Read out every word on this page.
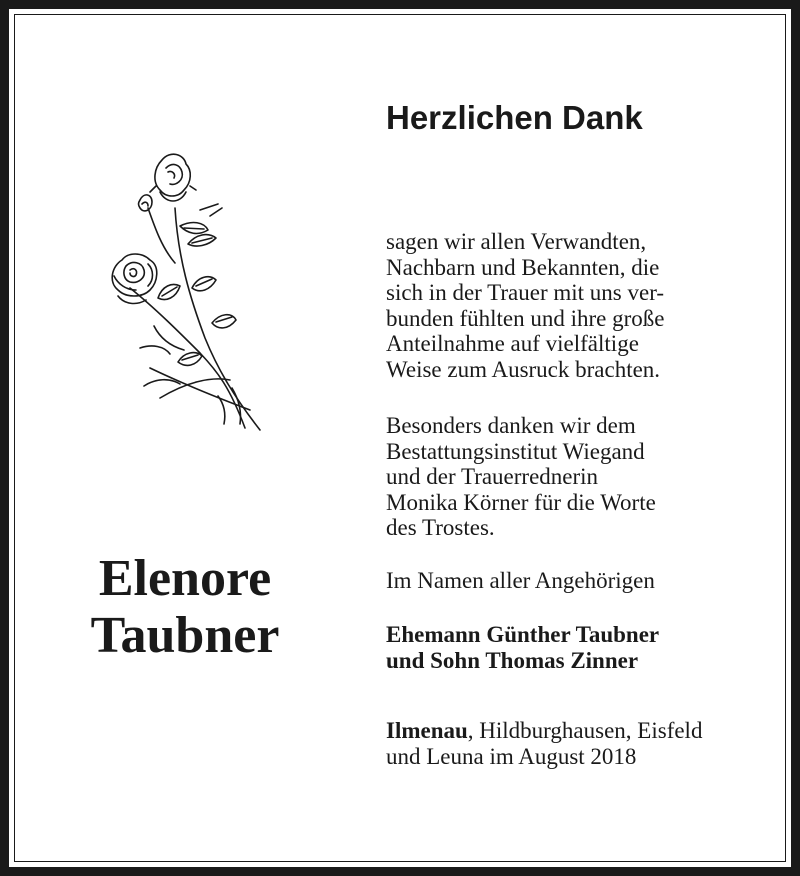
Herzlichen Dank

sagen wir allen Verwandten,
Nachbarn und Bekannten, die
sich in der Trauer mit uns ver-
bunden fühlten und ihre große
Anteilnahme auf vielfältige
Weise zum Ausruck brachten.

Besonders danken wir dem
Bestattungsinstitut Wiegand
und der Trauerrednerin
Monika Körner für die Worte
des Trostes.

Im Namen aller Angehörigen

Ehemann Günther Taubner
und Sohn Thomas Zinner

Ilmenau, Hildburghausen, Eisfeld
und Leuna im August 2018

Elenore
Taubner
